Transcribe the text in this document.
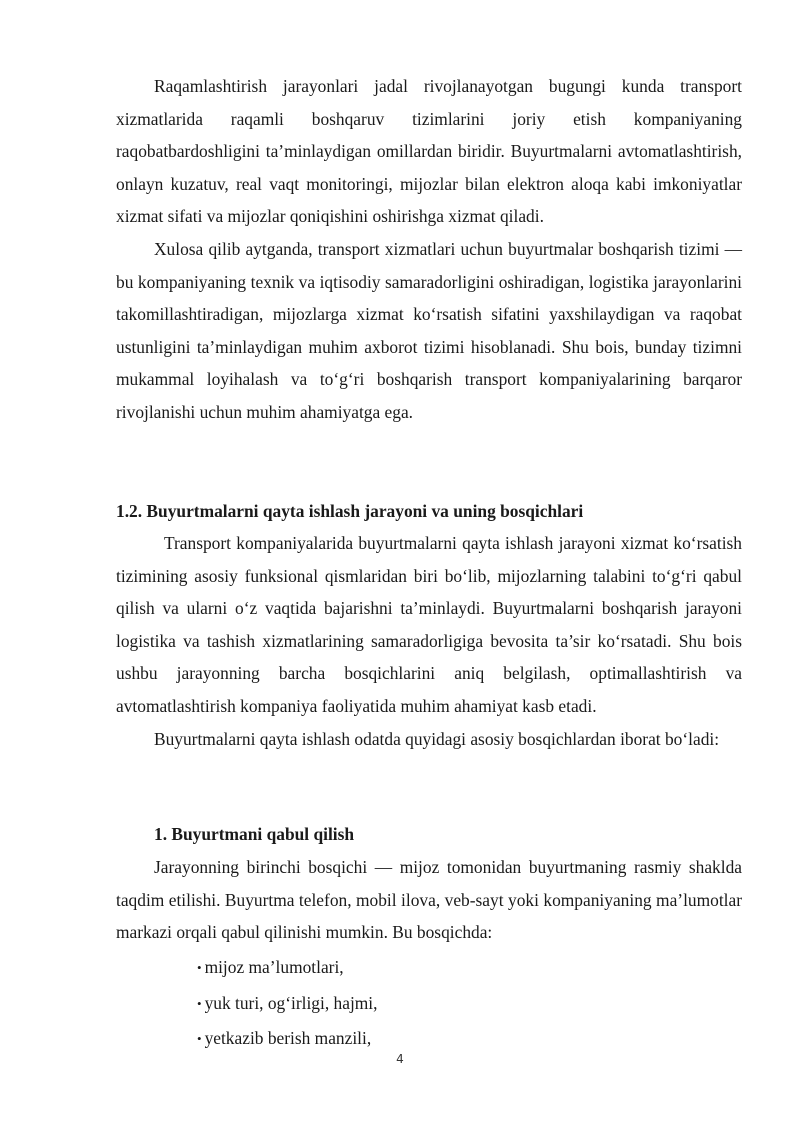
Raqamlashtirish jarayonlari jadal rivojlanayotgan bugungi kunda transport xizmatlarida raqamli boshqaruv tizimlarini joriy etish kompaniyaning raqobatbardoshligini ta’minlaydigan omillardan biridir. Buyurtmalarni avtomatlashtirish, onlayn kuzatuv, real vaqt monitoringi, mijozlar bilan elektron aloqa kabi imkoniyatlar xizmat sifati va mijozlar qoniqishini oshirishga xizmat qiladi.

Xulosa qilib aytganda, transport xizmatlari uchun buyurtmalar boshqarish tizimi — bu kompaniyaning texnik va iqtisodiy samaradorligini oshiradigan, logistika jarayonlarini takomillashtiradigan, mijozlarga xizmat ko‘rsatish sifatini yaxshilaydigan va raqobat ustunligini ta’minlaydigan muhim axborot tizimi hisoblanadi. Shu bois, bunday tizimni mukammal loyihalash va to‘g‘ri boshqarish transport kompaniyalarining barqaror rivojlanishi uchun muhim ahamiyatga ega.

1.2. Buyurtmalarni qayta ishlash jarayoni va uning bosqichlari

Transport kompaniyalarida buyurtmalarni qayta ishlash jarayoni xizmat ko‘rsatish tizimining asosiy funksional qismlaridan biri bo‘lib, mijozlarning talabini to‘g‘ri qabul qilish va ularni o‘z vaqtida bajarishni ta’minlaydi. Buyurtmalarni boshqarish jarayoni logistika va tashish xizmatlarining samaradorligiga bevosita ta’sir ko‘rsatadi. Shu bois ushbu jarayonning barcha bosqichlarini aniq belgilash, optimallashtirish va avtomatlashtirish kompaniya faoliyatida muhim ahamiyat kasb etadi.

Buyurtmalarni qayta ishlash odatda quyidagi asosiy bosqichlardan iborat bo‘ladi:

1. Buyurtmani qabul qilish

Jarayonning birinchi bosqichi — mijoz tomonidan buyurtmaning rasmiy shaklda taqdim etilishi. Buyurtma telefon, mobil ilova, veb-sayt yoki kompaniyaning ma’lumotlar markazi orqali qabul qilinishi mumkin. Bu bosqichda:

• mijoz ma’lumotlari,
• yuk turi, og‘irligi, hajmi,
• yetkazib berish manzili,
4
